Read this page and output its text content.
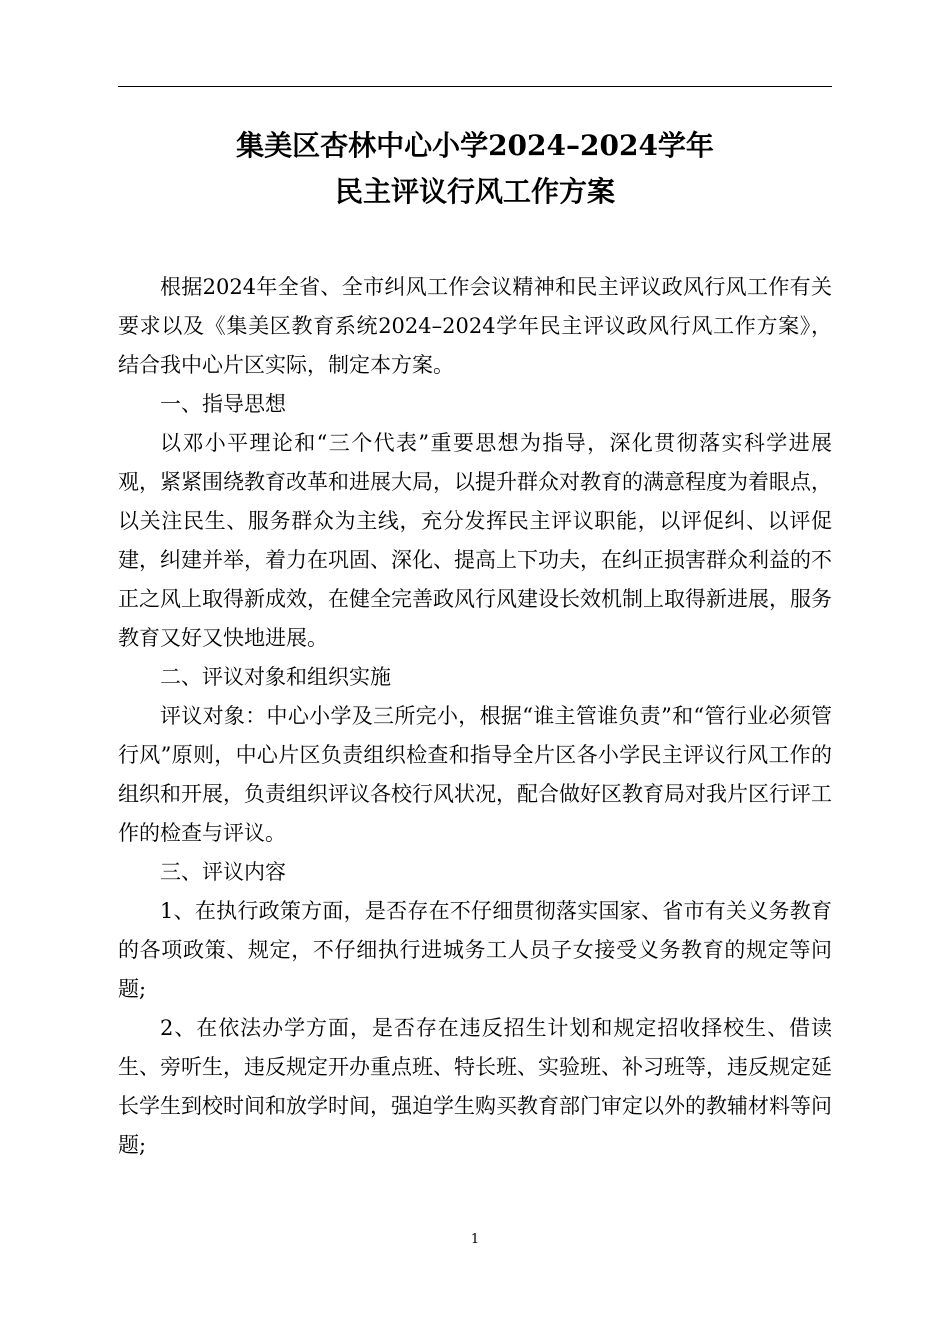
集美区杏林中心小学2024–2024学年
民主评议行风工作方案

根据2024年全省、全市纠风工作会议精神和民主评议政风行风工作有关要求以及《集美区教育系统2024–2024学年民主评议政风行风工作方案》，结合我中心片区实际，制定本方案。

一、指导思想

以邓小平理论和“三个代表”重要思想为指导，深化贯彻落实科学进展观，紧紧围绕教育改革和进展大局，以提升群众对教育的满意程度为着眼点，以关注民生、服务群众为主线，充分发挥民主评议职能，以评促纠、以评促建，纠建并举，着力在巩固、深化、提高上下功夫，在纠正损害群众利益的不正之风上取得新成效，在健全完善政风行风建设长效机制上取得新进展，服务教育又好又快地进展。

二、评议对象和组织实施

评议对象：中心小学及三所完小，根据“谁主管谁负责”和“管行业必须管行风”原则，中心片区负责组织检查和指导全片区各小学民主评议行风工作的组织和开展，负责组织评议各校行风状况，配合做好区教育局对我片区行评工作的检查与评议。

三、评议内容

1、在执行政策方面，是否存在不仔细贯彻落实国家、省市有关义务教育的各项政策、规定，不仔细执行进城务工人员子女接受义务教育的规定等问题;

2、在依法办学方面，是否存在违反招生计划和规定招收择校生、借读生、旁听生，违反规定开办重点班、特长班、实验班、补习班等，违反规定延长学生到校时间和放学时间，强迫学生购买教育部门审定以外的教辅材料等问题;

1
